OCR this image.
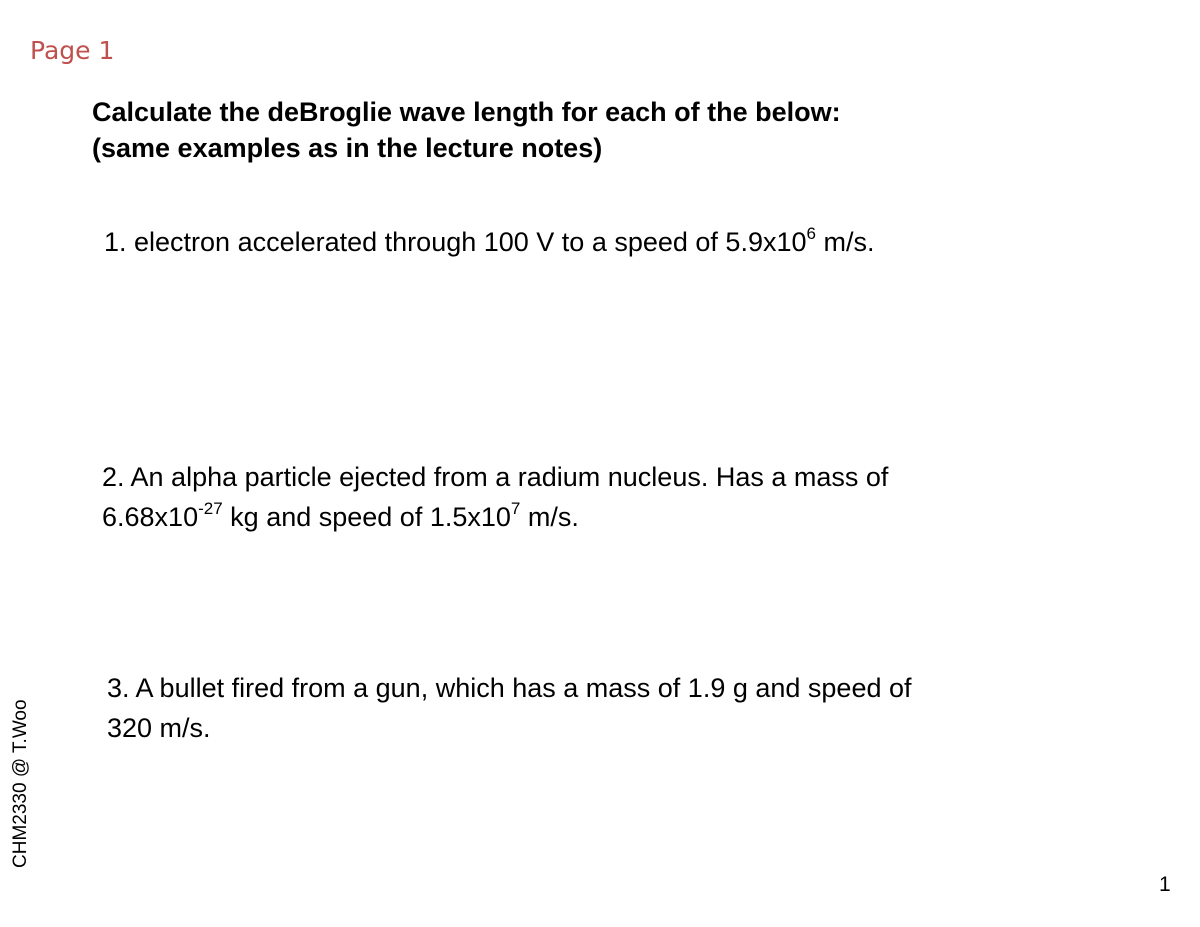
Page 1
Calculate the deBroglie wave length for each of the below:
(same examples as in the lecture notes)
1. electron accelerated through 100 V to a speed of $5.9x10^6$ m/s.
2. An alpha particle ejected from a radium nucleus. Has a mass of
$6.68x10^{-27}$ kg and speed of $1.5x10^7$ m/s.
3. A bullet fired from a gun, which has a mass of 1.9 g and speed of
320 m/s.
CHM2330 @ T.Woo
1
